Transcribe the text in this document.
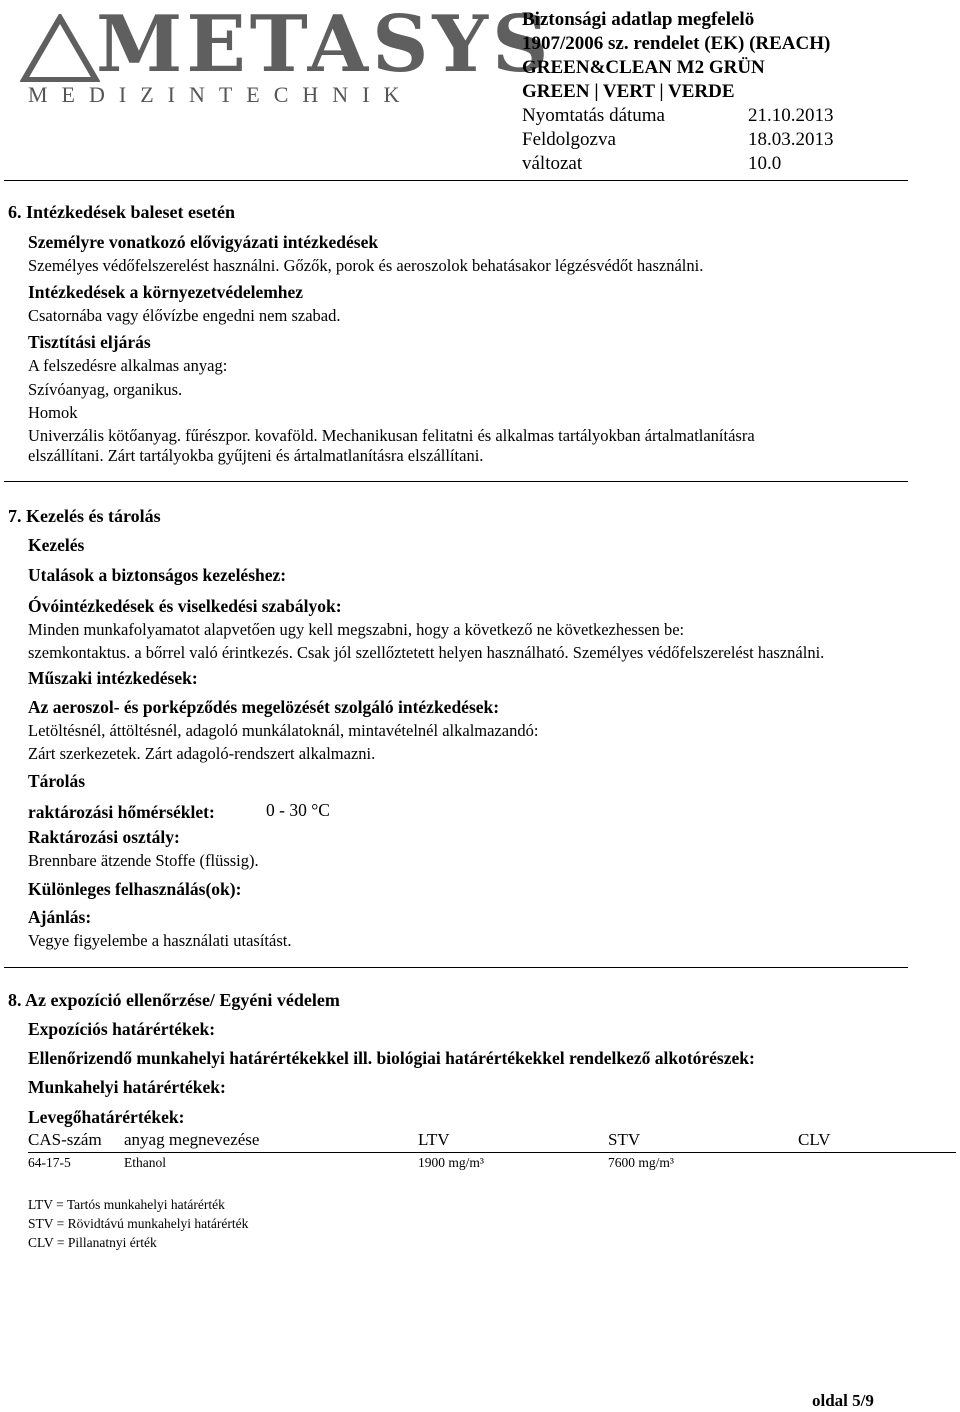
METASYS
MEDIZINTECHNIK
Biztonsági adatlap megfelelö
1907/2006 sz. rendelet (EK) (REACH)
GREEN&CLEAN M2 GRÜN
GREEN | VERT | VERDE
Nyomtatás dátuma	21.10.2013
Feldolgozva	18.03.2013
változat	10.0
6. Intézkedések baleset esetén
Személyre vonatkozó elővigyázati intézkedések
Személyes védőfelszerelést használni. Gőzők, porok és aeroszolok behatásakor légzésvédőt használni.
Intézkedések a környezetvédelemhez
Csatornába vagy élővízbe engedni nem szabad.
Tisztítási eljárás
A felszedésre alkalmas anyag:
Szívóanyag, organikus.
Homok
Univerzális kötőanyag. fűrészpor. kovaföld. Mechanikusan felitatni és alkalmas tartályokban ártalmatlanításra
elszállítani. Zárt tartályokba gyűjteni és ártalmatlanításra elszállítani.
7. Kezelés és tárolás
Kezelés
Utalások a biztonságos kezeléshez:
Óvóintézkedések és viselkedési szabályok:
Minden munkafolyamatot alapvetően ugy kell megszabni, hogy a következő ne következhessen be:
szemkontaktus. a bőrrel való érintkezés. Csak jól szellőztetett helyen használható. Személyes védőfelszerelést használni.
Műszaki intézkedések:
Az aeroszol- és porképződés megelözését szolgáló intézkedések:
Letöltésnél, áttöltésnél, adagoló munkálatoknál, mintavételnél alkalmazandó:
Zárt szerkezetek. Zárt adagoló-rendszert alkalmazni.
Tárolás
raktározási hőmérséklet:	0 - 30 °C
Raktározási osztály:
Brennbare ätzende Stoffe (flüssig).
Különleges felhasználás(ok):
Ajánlás:
Vegye figyelembe a használati utasítást.
8. Az expozíció ellenőrzése/ Egyéni védelem
Expozíciós határértékek:
Ellenőrizendő munkahelyi határértékekkel ill. biológiai határértékekkel rendelkező alkotórészek:
Munkahelyi határértékek:
Levegőhatárértékek:
CAS-szám anyag megnevezése	LTV	STV	CLV
64-17-5	Ethanol	1900 mg/m³	7600 mg/m³
LTV = Tartós munkahelyi határérték
STV = Rövidtávú munkahelyi határérték
CLV = Pillanatnyi érték
oldal 5/9
